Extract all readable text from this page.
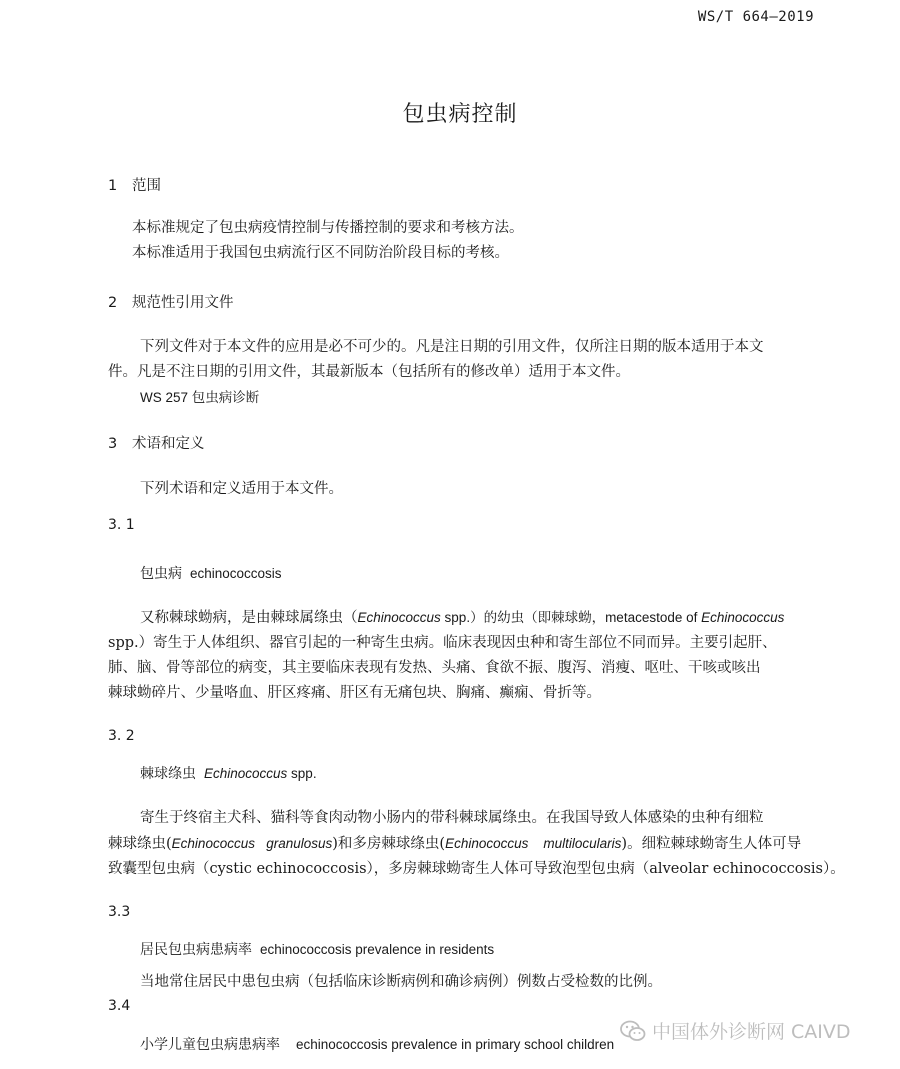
WS/T 664—2019
包虫病控制
1 范围
本标准规定了包虫病疫情控制与传播控制的要求和考核方法。
本标准适用于我国包虫病流行区不同防治阶段目标的考核。
2 规范性引用文件
下列文件对于本文件的应用是必不可少的。凡是注日期的引用文件，仅所注日期的版本适用于本文
件。凡是不注日期的引用文件，其最新版本（包括所有的修改单）适用于本文件。
WS 257 包虫病诊断
3 术语和定义
下列术语和定义适用于本文件。
3. 1
包虫病 echinococcosis
又称棘球蚴病，是由棘球属绦虫（Echinococcus spp.）的幼虫（即棘球蚴，metacestode of Echinococcus
spp.）寄生于人体组织、器官引起的一种寄生虫病。临床表现因虫种和寄生部位不同而异。主要引起肝、
肺、脑、骨等部位的病变，其主要临床表现有发热、头痛、食欲不振、腹泻、消瘦、呕吐、干咳或咳出
棘球蚴碎片、少量咯血、肝区疼痛、肝区有无痛包块、胸痛、癫痫、骨折等。
3. 2
棘球绦虫 Echinococcus spp.
寄生于终宿主犬科、猫科等食肉动物小肠内的带科棘球属绦虫。在我国导致人体感染的虫种有细粒
棘球绦虫(Echinococcus   granulosus)和多房棘球绦虫(Echinococcus    multilocularis)。细粒棘球蚴寄生人体可导
致囊型包虫病（cystic echinococcosis），多房棘球蚴寄生人体可导致泡型包虫病（alveolar echinococcosis）。
3.3
居民包虫病患病率 echinococcosis prevalence in residents
当地常住居民中患包虫病（包括临床诊断病例和确诊病例）例数占受检数的比例。
3.4
小学儿童包虫病患病率 echinococcosis prevalence in primary school children
中国体外诊断网 CAIVD
